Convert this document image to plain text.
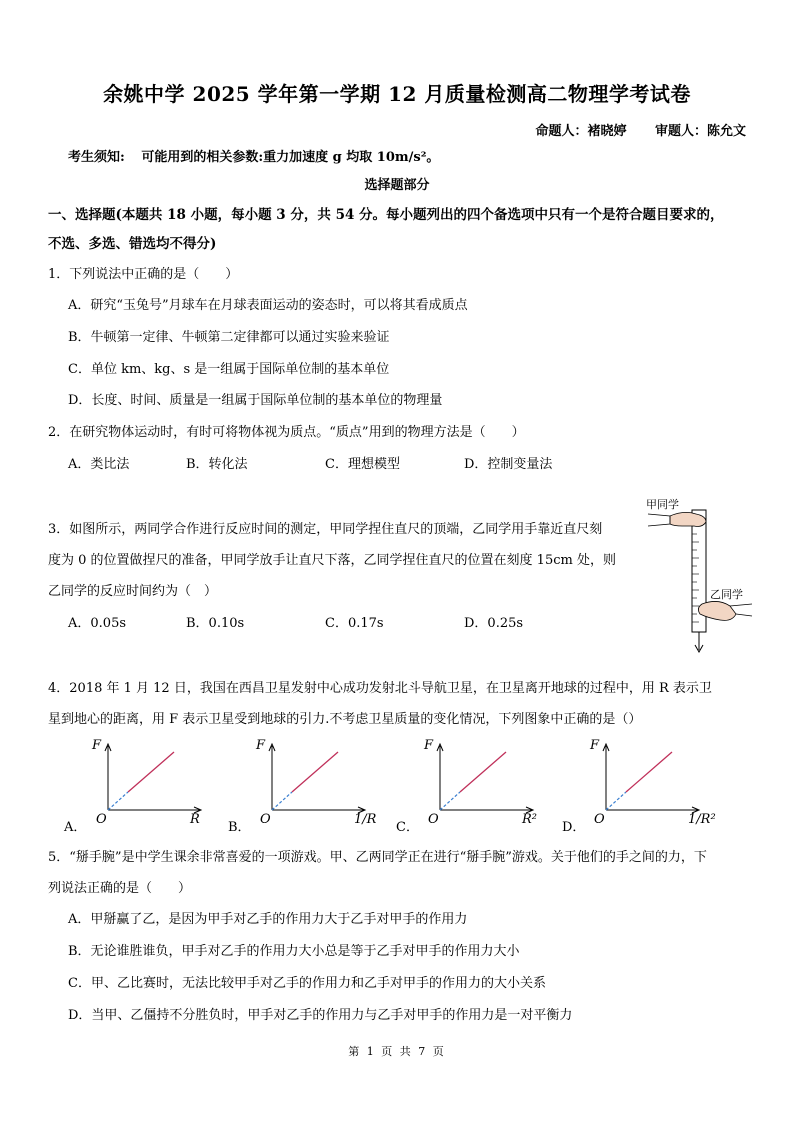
余姚中学 2025 学年第一学期 12 月质量检测高二物理学考试卷
命题人：褚晓婷 审题人：陈允文
考生须知: 可能用到的相关参数:重力加速度 g 均取 10m/s²。
选择题部分
一、选择题(本题共 18 小题，每小题 3 分，共 54 分。每小题列出的四个备选项中只有一个是符合题目要求的，
不选、多选、错选均不得分)
1．下列说法中正确的是（　　）
A．研究“玉兔号”月球车在月球表面运动的姿态时，可以将其看成质点
B．牛顿第一定律、牛顿第二定律都可以通过实验来验证
C．单位 km、kg、s 是一组属于国际单位制的基本单位
D．长度、时间、质量是一组属于国际单位制的基本单位的物理量
2．在研究物体运动时，有时可将物体视为质点。“质点”用到的物理方法是（　　）
A．类比法	B．转化法	C．理想模型	D．控制变量法
3．如图所示，两同学合作进行反应时间的测定，甲同学捏住直尺的顶端，乙同学用手靠近直尺刻
度为 0 的位置做捏尺的准备，甲同学放手让直尺下落，乙同学捏住直尺的位置在刻度 15cm 处，则
乙同学的反应时间约为（　）
A．0.05s	B．0.10s	C．0.17s	D．0.25s
甲同学
乙同学
4．2018 年 1 月 12 日，我国在西昌卫星发射中心成功发射北斗导航卫星，在卫星离开地球的过程中，用 R 表示卫
星到地心的距离，用 F 表示卫星受到地球的引力.不考虑卫星质量的变化情况，下列图象中正确的是（）
A．
F
O	R
B．
F
O	1/R
C．
F
O	R²
D．
F
O	1/R²
5．“掰手腕”是中学生课余非常喜爱的一项游戏。甲、乙两同学正在进行“掰手腕”游戏。关于他们的手之间的力，下
列说法正确的是（　　）
A．甲掰赢了乙，是因为甲手对乙手的作用力大于乙手对甲手的作用力
B．无论谁胜谁负，甲手对乙手的作用力大小总是等于乙手对甲手的作用力大小
C．甲、乙比赛时，无法比较甲手对乙手的作用力和乙手对甲手的作用力的大小关系
D．当甲、乙僵持不分胜负时，甲手对乙手的作用力与乙手对甲手的作用力是一对平衡力
第 1 页 共 7 页
